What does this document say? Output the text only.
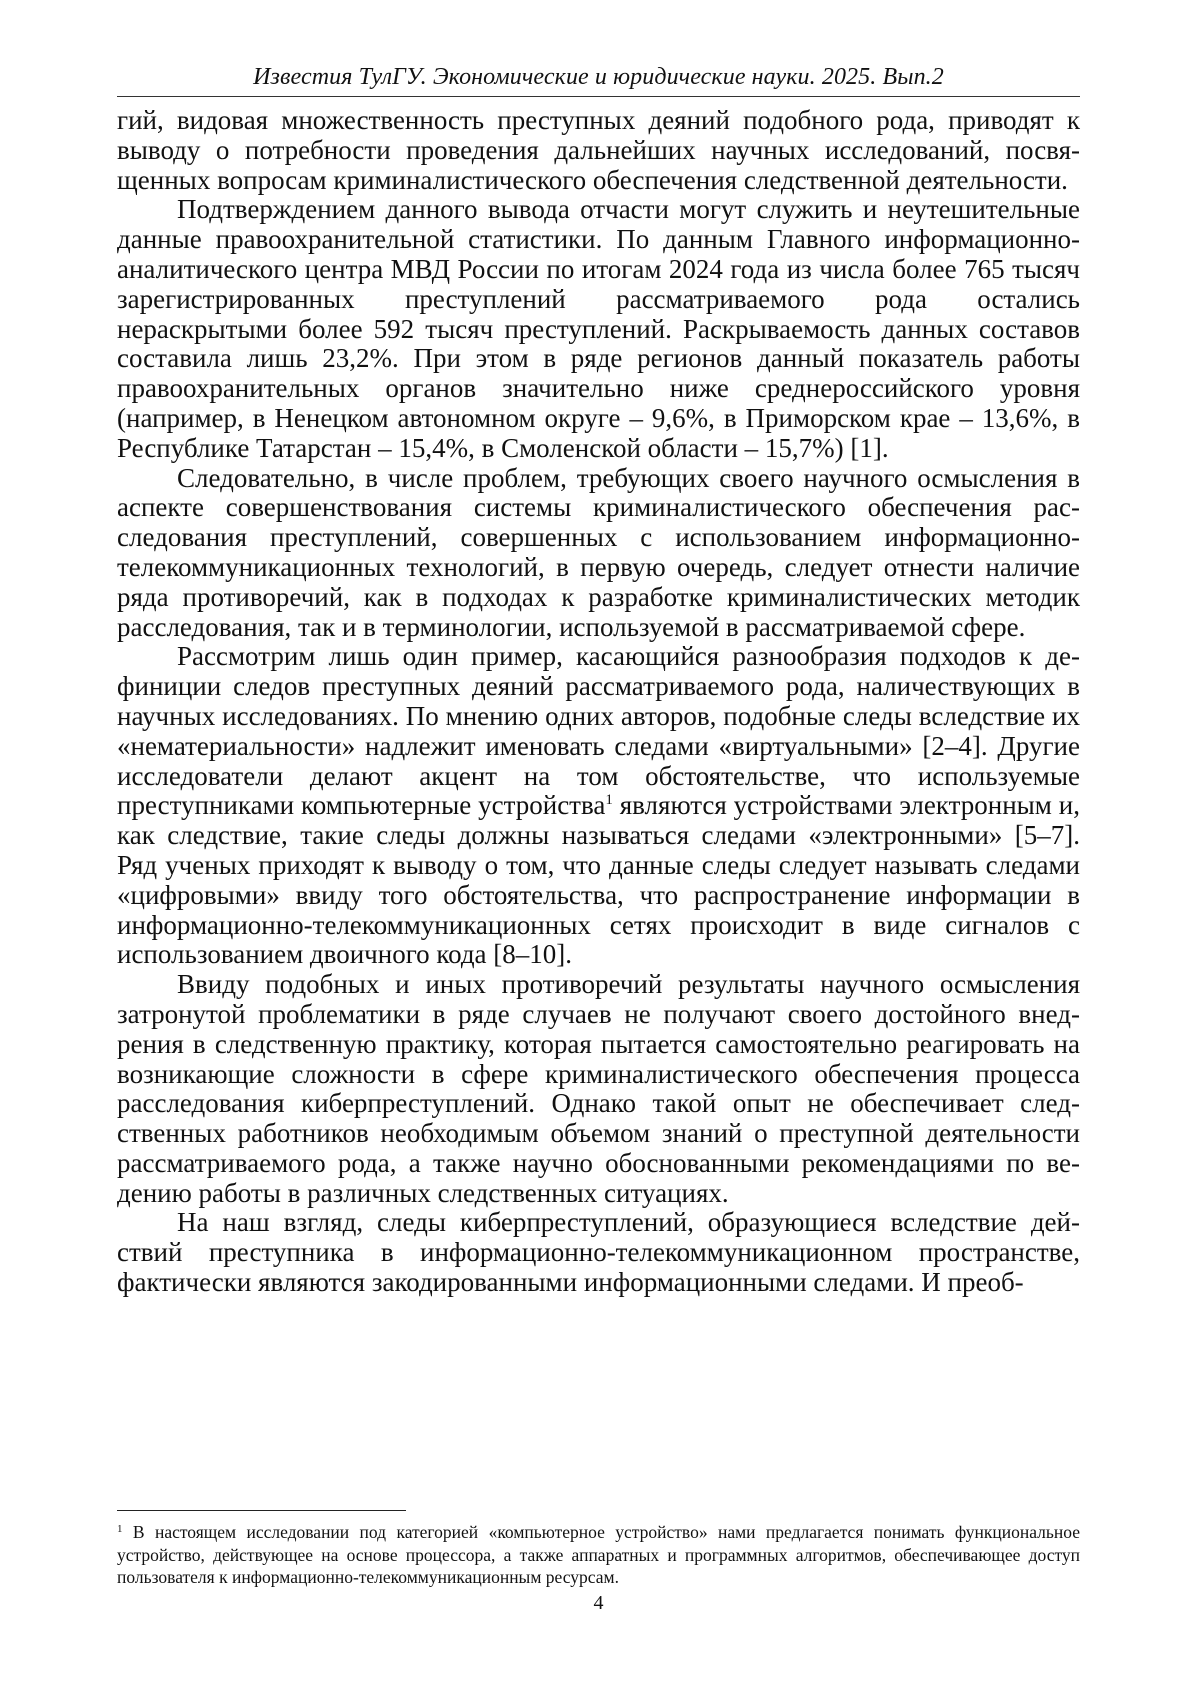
Известия ТулГУ. Экономические и юридические науки. 2025. Вып.2

гий, видовая множественность преступных деяний подобного рода, приводят к выводу о потребности проведения дальнейших научных исследований, посвященных вопросам криминалистического обеспечения следственной деятельности.

Подтверждением данного вывода отчасти могут служить и неутешительные данные правоохранительной статистики. По данным Главного информационно-аналитического центра МВД России по итогам 2024 года из числа более 765 тысяч зарегистрированных преступлений рассматриваемого рода остались нераскрытыми более 592 тысяч преступлений. Раскрываемость данных составов составила лишь 23,2%. При этом в ряде регионов данный показатель работы правоохранительных органов значительно ниже среднероссийского уровня (например, в Ненецком автономном округе – 9,6%, в Приморском крае – 13,6%, в Республике Татарстан – 15,4%, в Смоленской области – 15,7%) [1].

Следовательно, в числе проблем, требующих своего научного осмысления в аспекте совершенствования системы криминалистического обеспечения расследования преступлений, совершенных с использованием информационно-телекоммуникационных технологий, в первую очередь, следует отнести наличие ряда противоречий, как в подходах к разработке криминалистических методик расследования, так и в терминологии, используемой в рассматриваемой сфере.

Рассмотрим лишь один пример, касающийся разнообразия подходов к дефиниции следов преступных деяний рассматриваемого рода, наличествующих в научных исследованиях. По мнению одних авторов, подобные следы вследствие их «нематериальности» надлежит именовать следами «виртуальными» [2–4]. Другие исследователи делают акцент на том обстоятельстве, что используемые преступниками компьютерные устройства$^1$ являются устройствами электронным и, как следствие, такие следы должны называться следами «электронными» [5–7]. Ряд ученых приходят к выводу о том, что данные следы следует называть следами «цифровыми» ввиду того обстоятельства, что распространение информации в информационно-телекоммуникационных сетях происходит в виде сигналов с использованием двоичного кода [8–10].

Ввиду подобных и иных противоречий результаты научного осмысления затронутой проблематики в ряде случаев не получают своего достойного внедрения в следственную практику, которая пытается самостоятельно реагировать на возникающие сложности в сфере криминалистического обеспечения процесса расследования киберпреступлений. Однако такой опыт не обеспечивает следственных работников необходимым объемом знаний о преступной деятельности рассматриваемого рода, а также научно обоснованными рекомендациями по ведению работы в различных следственных ситуациях.

На наш взгляд, следы киберпреступлений, образующиеся вследствие действий преступника в информационно-телекоммуникационном пространстве, фактически являются закодированными информационными следами. И преоб-

$^1$ В настоящем исследовании под категорией «компьютерное устройство» нами предлагается понимать функциональное устройство, действующее на основе процессора, а также аппаратных и программных алгоритмов, обеспечивающее доступ пользователя к информационно-телекоммуникационным ресурсам.
4
